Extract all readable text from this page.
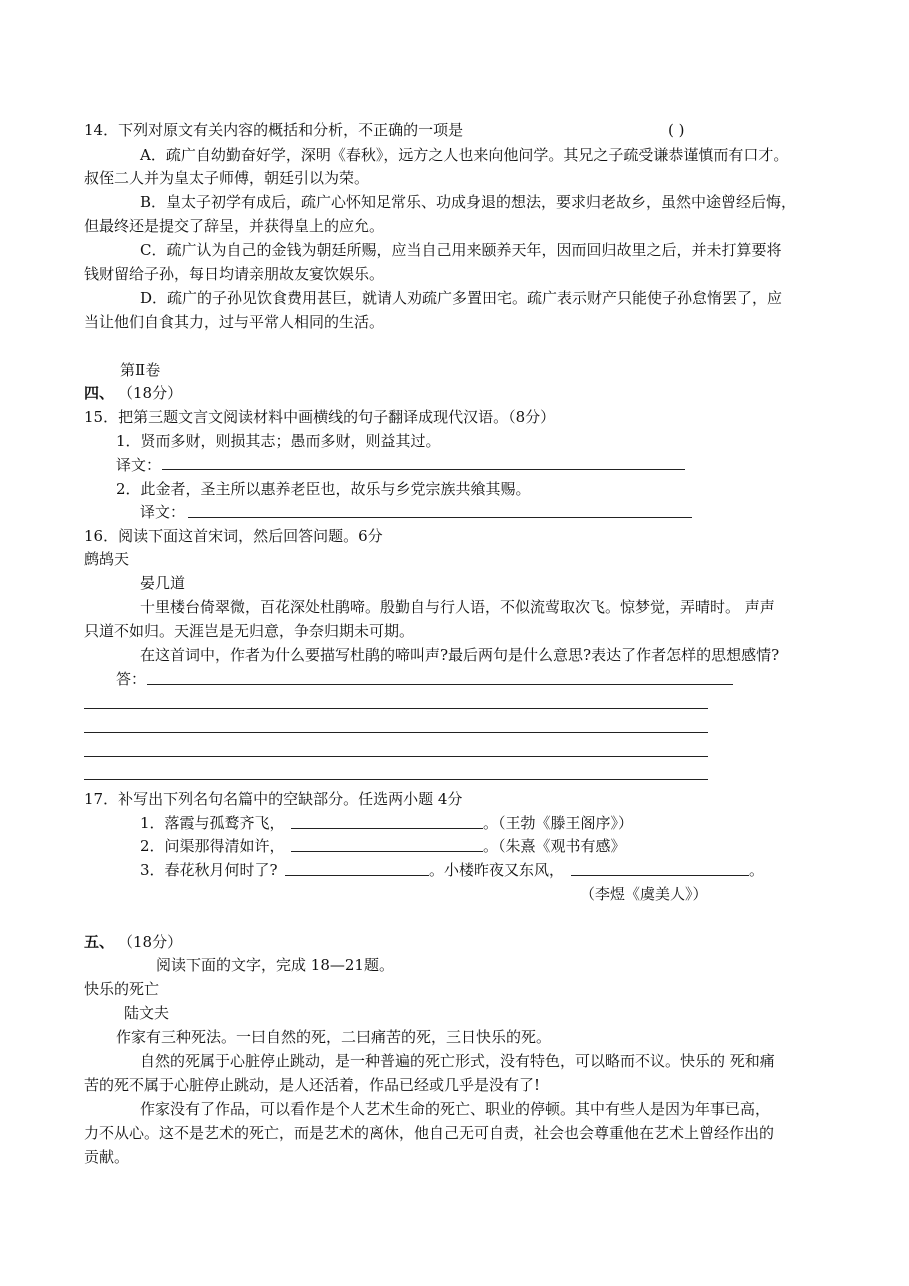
14．下列对原文有关内容的概括和分析，不正确的一项是	( )
A．疏广自幼勤奋好学，深明《春秋》，远方之人也来向他问学。其兄之子疏受谦恭谨慎而有口才。
叔侄二人并为皇太子师傅，朝廷引以为荣。
B．皇太子初学有成后，疏广心怀知足常乐、功成身退的想法，要求归老故乡，虽然中途曾经后悔，
但最终还是提交了辞呈，并获得皇上的应允。
C．疏广认为自己的金钱为朝廷所赐，应当自己用来颐养天年，因而回归故里之后，并未打算要将
钱财留给子孙，每日均请亲朋故友宴饮娱乐。
D．疏广的子孙见饮食费用甚巨，就请人劝疏广多置田宅。疏广表示财产只能使子孙怠惰罢了，应
当让他们自食其力，过与平常人相同的生活。
第Ⅱ卷
四、 （18分）
15．把第三题文言文阅读材料中画横线的句子翻译成现代汉语。（8分）
1．贤而多财，则损其志；愚而多财，则益其过。
译文：
2．此金者，圣主所以惠养老臣也，故乐与乡党宗族共飨其赐。
译文：
16．阅读下面这首宋词，然后回答问题。6分
鹧鸪天
晏几道
十里楼台倚翠微，百花深处杜鹃啼。殷勤自与行人语，不似流莺取次飞。惊梦觉，弄晴时。 声声
只道不如归。天涯岂是无归意，争奈归期未可期。
在这首词中，作者为什么要描写杜鹃的啼叫声?最后两句是什么意思?表达了作者怎样的思想感情?
答：
17．补写出下列名句名篇中的空缺部分。任选两小题 4分
1．落霞与孤鹜齐飞，	。（王勃《滕王阁序》）
2．问渠那得清如许，	。（朱熹《观书有感》
3．春花秋月何时了?	。小楼昨夜又东风，	。
（李煜《虞美人》）
五、 （18分）
阅读下面的文字，完成 18—21题。
快乐的死亡
陆文夫
作家有三种死法。一曰自然的死，二曰痛苦的死，三日快乐的死。
自然的死属于心脏停止跳动，是一种普遍的死亡形式，没有特色，可以略而不议。快乐的 死和痛
苦的死不属于心脏停止跳动，是人还活着，作品已经或几乎是没有了!
作家没有了作品，可以看作是个人艺术生命的死亡、职业的停顿。其中有些人是因为年事已高，
力不从心。这不是艺术的死亡，而是艺术的离休，他自己无可自责，社会也会尊重他在艺术上曾经作出的
贡献。
